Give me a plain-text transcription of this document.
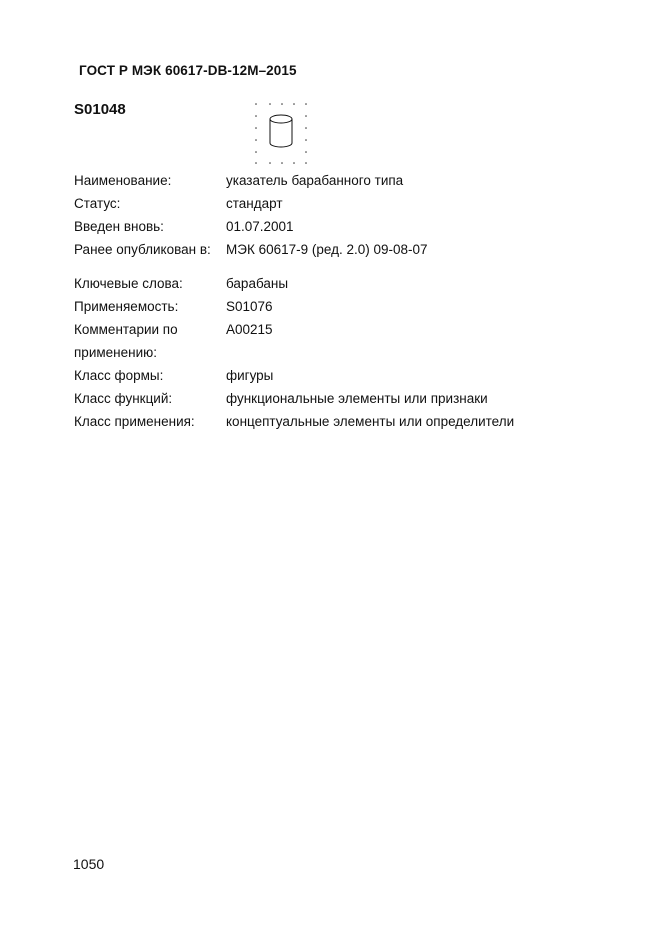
ГОСТ Р МЭК 60617-DB-12M–2015
S01048
Наименование:	указатель барабанного типа
Статус:	стандарт
Введен вновь:	01.07.2001
Ранее опубликован в: МЭК 60617-9 (ред. 2.0) 09-08-07
Ключевые слова:	барабаны
Применяемость:	S01076
Комментарии по	A00215
применению:
Класс формы:	фигуры
Класс функций:	функциональные элементы или признаки
Класс применения: концептуальные элементы или определители
1050
